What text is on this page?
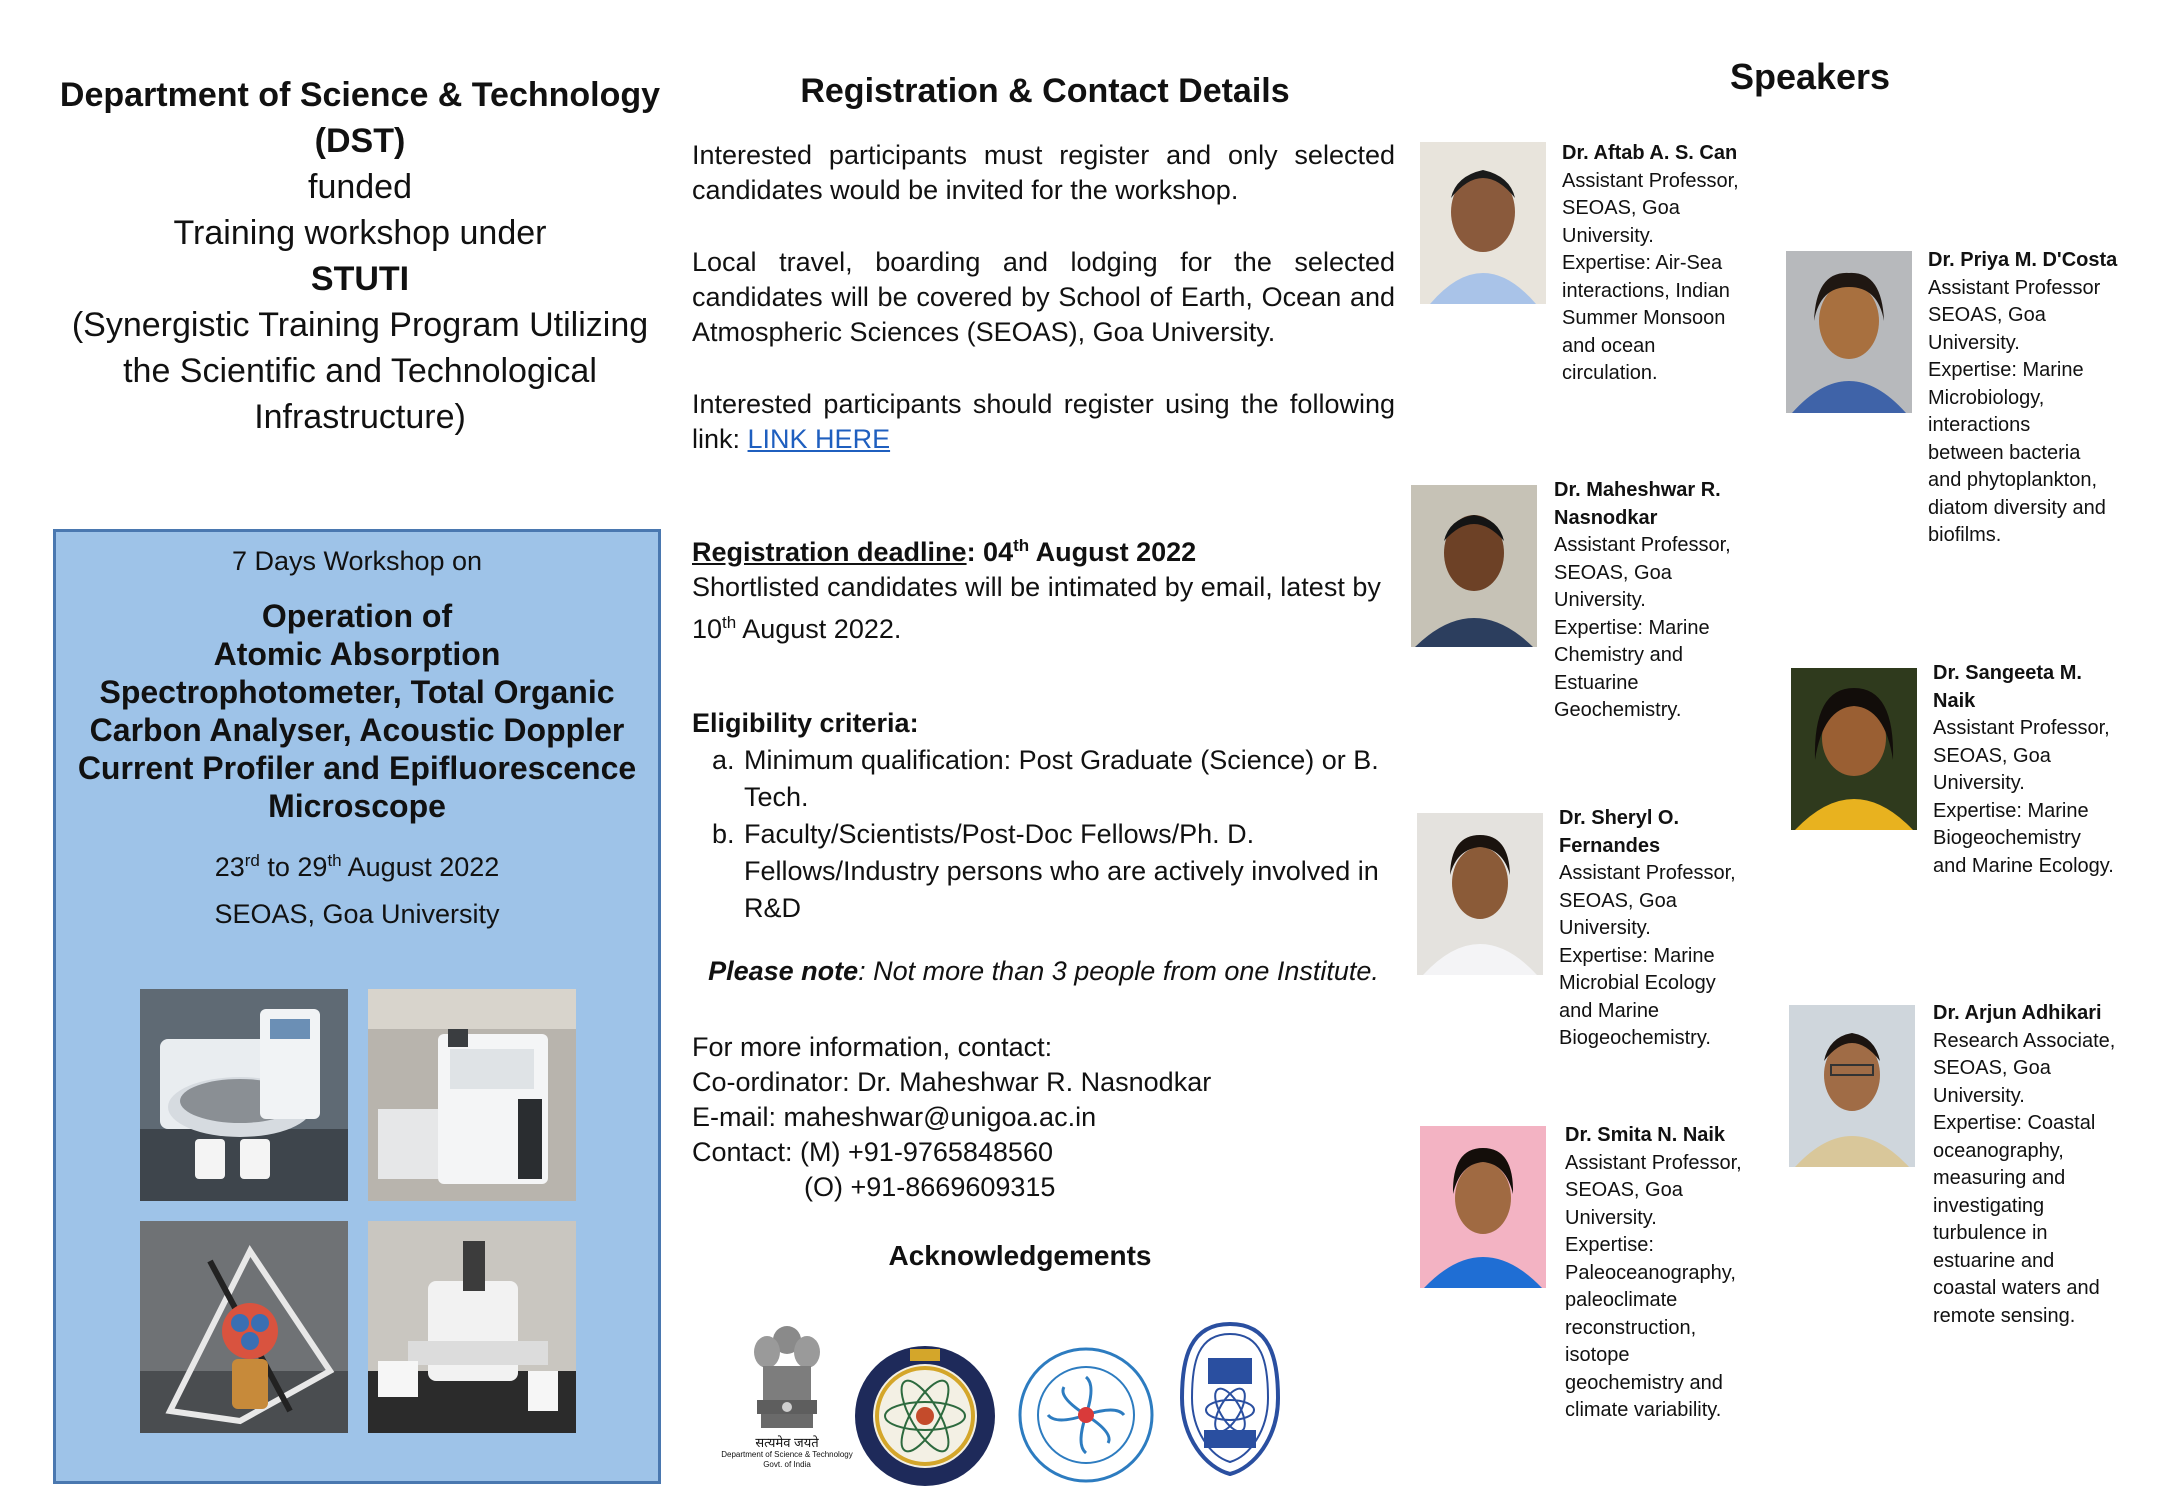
Department of Science & Technology
(DST)
funded
Training workshop under
STUTI
(Synergistic Training Program Utilizing
the Scientific and Technological
Infrastructure)
7 Days Workshop on
Operation of
Atomic Absorption
Spectrophotometer, Total Organic
Carbon Analyser, Acoustic Doppler
Current Profiler and Epifluorescence
Microscope
23rd to 29th August 2022
SEOAS, Goa University
Registration & Contact Details
Interested participants must register and only selected candidates would be invited for the workshop.
Local travel, boarding and lodging for the selected candidates will be covered by School of Earth, Ocean and Atmospheric Sciences (SEOAS), Goa University.
Interested participants should register using the following link: LINK HERE
Registration deadline: 04th August 2022
Shortlisted candidates will be intimated by email, latest by 10th August 2022.
Eligibility criteria:
a. Minimum qualification: Post Graduate (Science) or B. Tech.
b. Faculty/Scientists/Post-Doc Fellows/Ph. D. Fellows/Industry persons who are actively involved in R&D
Please note: Not more than 3 people from one Institute.
For more information, contact:
Co-ordinator: Dr. Maheshwar R. Nasnodkar
E-mail: maheshwar@unigoa.ac.in
Contact: (M) +91-9765848560
(O) +91-8669609315
Acknowledgements
सत्यमेव जयते
Department of Science & Technology
Govt. of India
Speakers
Dr. Aftab A. S. Can
Assistant Professor,
SEOAS, Goa
University.
Expertise: Air-Sea
interactions, Indian
Summer Monsoon
and ocean
circulation.
Dr. Priya M. D'Costa
Assistant Professor
SEOAS, Goa
University.
Expertise: Marine
Microbiology,
interactions
between bacteria
and phytoplankton,
diatom diversity and
biofilms.
Dr. Maheshwar R.
Nasnodkar
Assistant Professor,
SEOAS, Goa
University.
Expertise: Marine
Chemistry and
Estuarine
Geochemistry.
Dr. Sangeeta M.
Naik
Assistant Professor,
SEOAS, Goa
University.
Expertise: Marine
Biogeochemistry
and Marine Ecology.
Dr. Sheryl O.
Fernandes
Assistant Professor,
SEOAS, Goa
University.
Expertise: Marine
Microbial Ecology
and Marine
Biogeochemistry.
Dr. Arjun Adhikari
Research Associate,
SEOAS, Goa
University.
Expertise: Coastal
oceanography,
measuring and
investigating
turbulence in
estuarine and
coastal waters and
remote sensing.
Dr. Smita N. Naik
Assistant Professor,
SEOAS, Goa
University.
Expertise:
Paleoceanography,
paleoclimate
reconstruction,
isotope
geochemistry and
climate variability.
